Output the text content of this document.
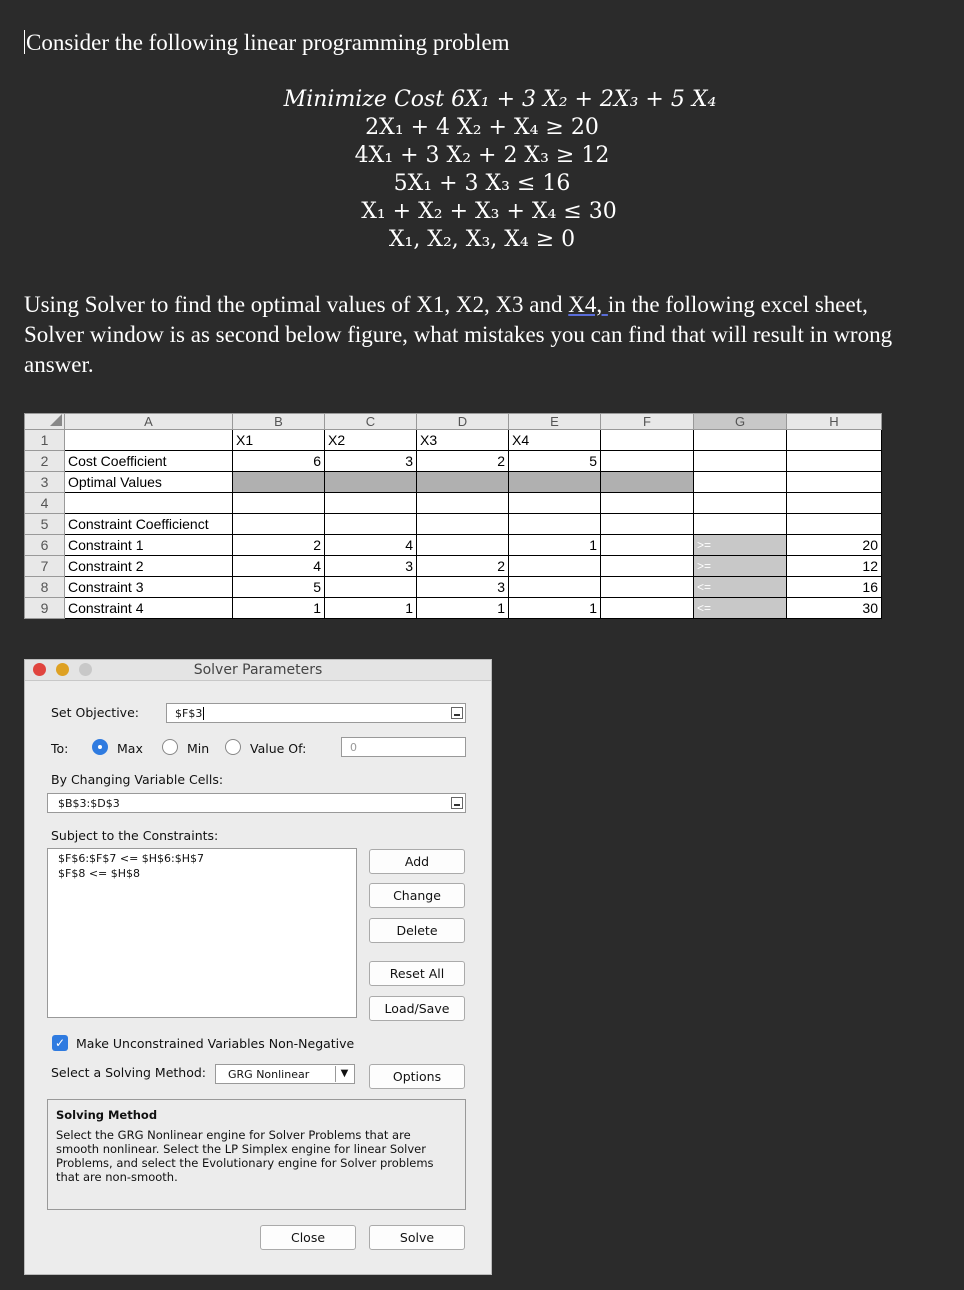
Consider the following linear programming problem
Minimize Cost 6X₁ + 3 X₂ + 2X₃ + 5 X₄
2X₁ + 4 X₂ + X₄ ≥ 20
4X₁ + 3 X₂ + 2 X₃ ≥ 12
5X₁ + 3 X₃ ≤ 16
X₁ + X₂ + X₃ + X₄ ≤ 30
X₁, X₂, X₃, X₄ ≥ 0
Using Solver to find the optimal values of X1, X2, X3 and X4, in the following excel sheet,
Solver window is as second below figure, what mistakes you can find that will result in wrong
answer.
	A	B	C	D	E	F	G	H
1		X1	X2	X3	X4			
2	Cost Coefficient	6	3	2	5			
3	Optimal Values							
4								
5	Constraint Coefficienct							
6	Constraint 1	2	4		1		>=	20
7	Constraint 2	4	3	2			>=	12
8	Constraint 3	5		3			<=	16
9	Constraint 4	1	1	1	1		<=	30
Solver Parameters
Set Objective:	$F$3
To:	Max	Min	Value Of:	0
By Changing Variable Cells:
$B$3:$D$3
Subject to the Constraints:
$F$6:$F$7 <= $H$6:$H$7
$F$8 <= $H$8
Add
Change
Delete
Reset All
Load/Save
✓ Make Unconstrained Variables Non-Negative
Select a Solving Method:	GRG Nonlinear	▼	Options
Solving Method
Select the GRG Nonlinear engine for Solver Problems that are smooth nonlinear. Select the LP Simplex engine for linear Solver Problems, and select the Evolutionary engine for Solver problems that are non-smooth.
Close	Solve
